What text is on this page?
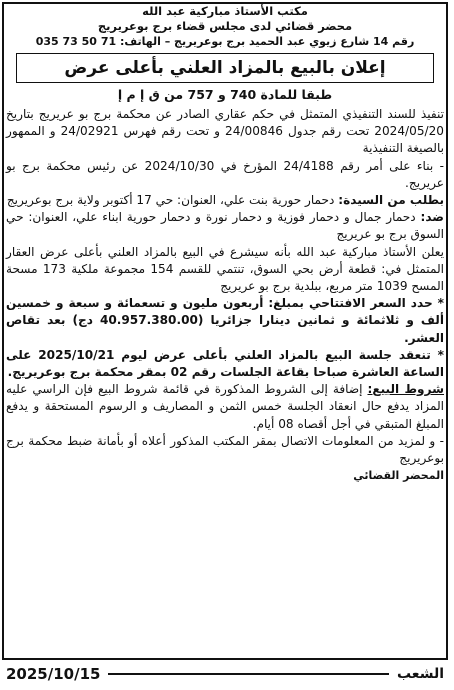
مكتب الأستاذ مباركية عبد الله

محضر قضائي لدى مجلس قضاء برج بوعريريج

رقم 14 شارع زيوي عبد الحميد برج بوعريريج – الهاتف: 71 50 73 035

إعلان بالبيع بالمزاد العلني بأعلى عرض

طبقا للمادة 740 و 757 من ق إ م إ

تنفيذ للسند التنفيذي المتمثل في حكم عقاري الصادر عن محكمة برج بو عريريج بتاريخ 2024/05/20 تحت رقم جدول 24/00846 و تحت رقم فهرس 24/02921 و الممهور بالصيغة التنفيذية

- بناء على أمر رقم 24/4188 المؤرخ في 2024/10/30 عن رئيس محكمة برج بو عريريج.

بطلب من السيدة: دحمار حورية بنت علي، العنوان: حي 17 أكتوبر ولاية برج بوعريريج

ضد: دحمار جمال و دحمار فوزية و دحمار نورة و دحمار حورية ابناء علي، العنوان: حي السوق برج بو عريريج

يعلن الأستاذ مباركية عبد الله بأنه سيشرع في البيع بالمزاد العلني بأعلى عرض العقار المتمثل في: قطعة أرض بحي السوق، تنتمي للقسم 154 مجموعة ملكية 173 مسحة المسح 1039 متر مربع، ببلدية برج بو عريريج

* حدد السعر الافتتاحي بمبلغ: أربعون مليون و تسعمائة و سبعة و خمسين ألف و ثلاثمائة و ثمانين دينارا جزائريا (40.957.380.00 دج) بعد تقاص العشر.

* تنعقد جلسة البيع بالمزاد العلني بأعلى عرض ليوم 2025/10/21 على الساعة العاشرة صباحا بقاعة الجلسات رقم 02 بمقر محكمة برج بوعريريج.

شروط البيع: إضافة إلى الشروط المذكورة في قائمة شروط البيع فإن الراسي عليه المزاد يدفع حال انعقاد الجلسة خمس الثمن و المصاريف و الرسوم المستحقة و يدفع المبلغ المتبقي في أجل أقصاه 08 أيام.

- و لمزيد من المعلومات الاتصال بمقر المكتب المذكور أعلاه أو بأمانة ضبط محكمة برج بوعريريج

المحضر القضائي
الشعب
2025/10/15
